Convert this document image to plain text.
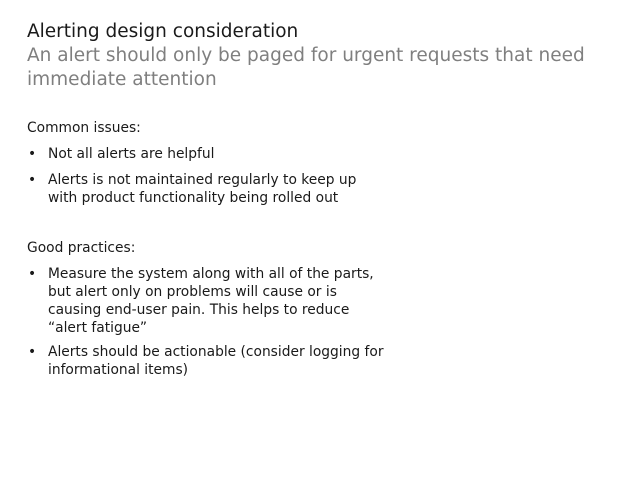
Alerting design consideration
An alert should only be paged for urgent requests that need immediate attention
Common issues:
• Not all alerts are helpful
• Alerts is not maintained regularly to keep up
with product functionality being rolled out
Good practices:
• Measure the system along with all of the parts,
but alert only on problems will cause or is
causing end-user pain. This helps to reduce
“alert fatigue”
• Alerts should be actionable (consider logging for
informational items)
